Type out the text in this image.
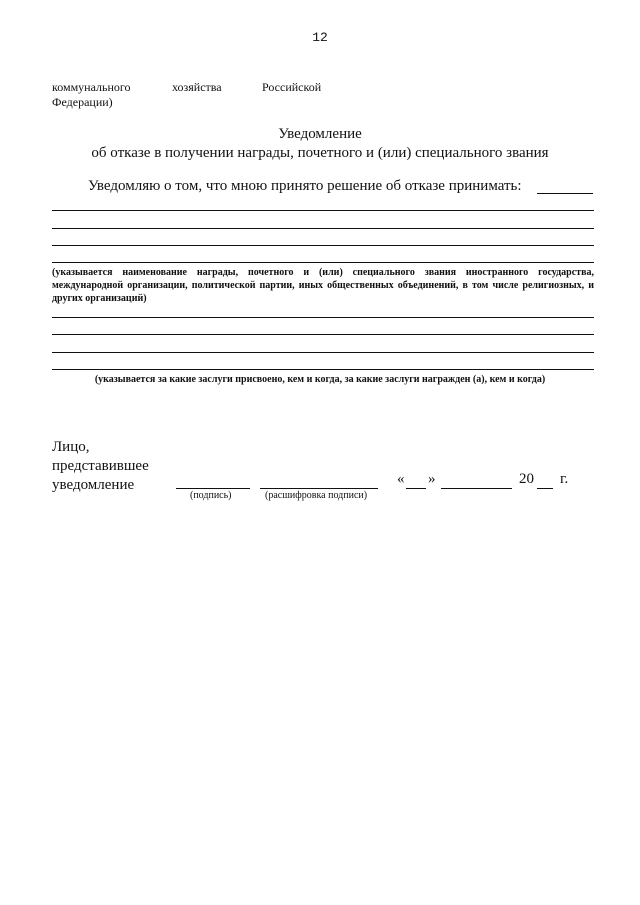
12
коммунального	хозяйства	Российской
Федерации)
Уведомление
об отказе в получении награды, почетного и (или) специального звания
Уведомляю о том, что мною принято решение об отказе принимать:
(указывается наименование награды, почетного и (или) специального звания иностранного государства,
международной организации, политической партии, иных общественных объединений, в том числе религиозных, и
других организаций)
(указывается за какие заслуги присвоено, кем и когда, за какие заслуги награжден (а), кем и когда)
Лицо,
представившее
уведомление
(подпись)	(расшифровка подписи)
« »	20 г.
